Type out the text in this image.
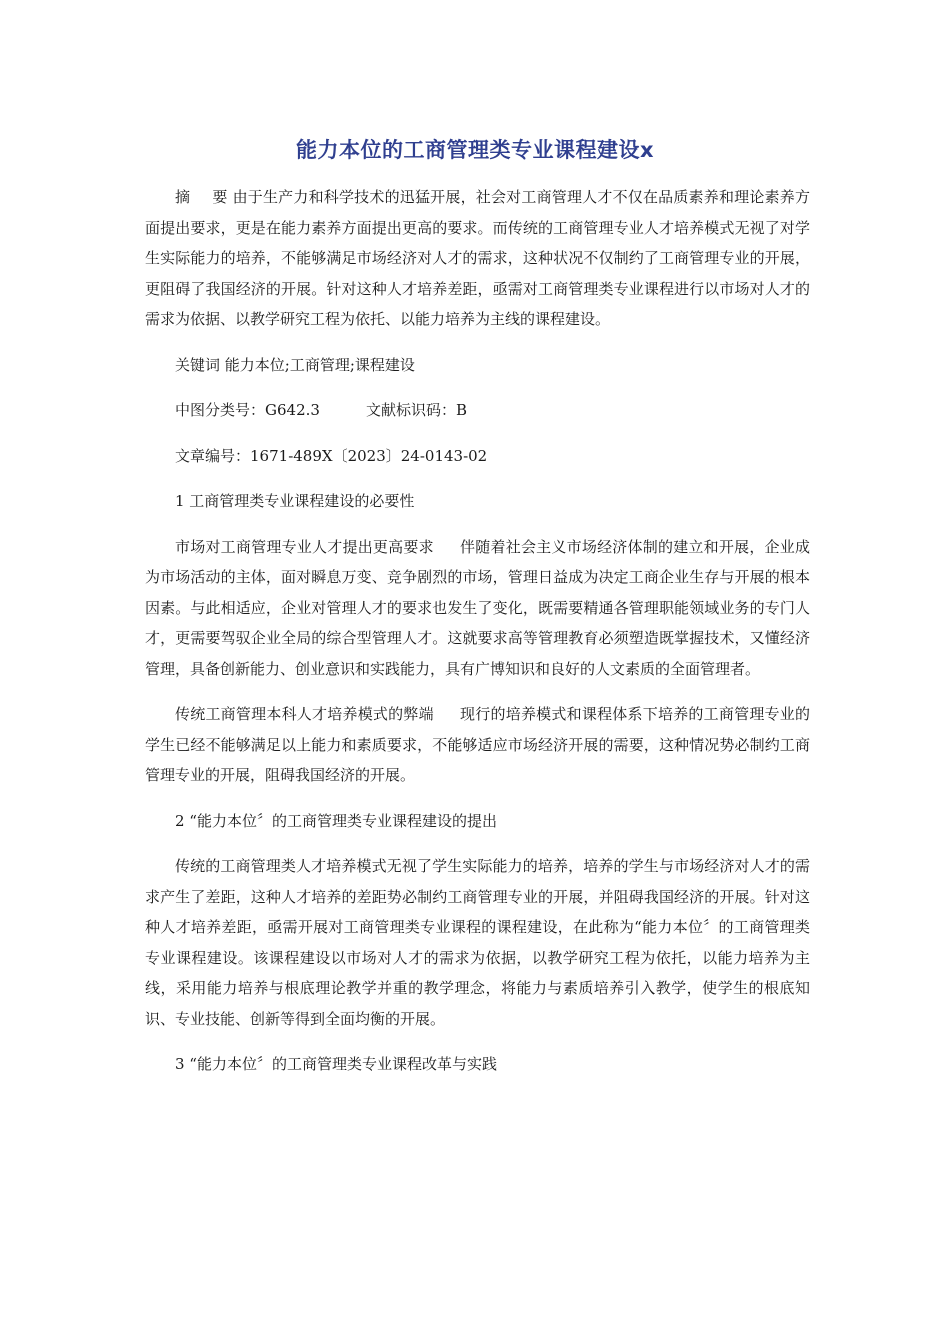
能力本位的工商管理类专业课程建设x

摘 要 由于生产力和科学技术的迅猛开展，社会对工商管理人才不仅在品质素养和理论素养方面提出要求，更是在能力素养方面提出更高的要求。而传统的工商管理专业人才培养模式无视了对学生实际能力的培养，不能够满足市场经济对人才的需求，这种状况不仅制约了工商管理专业的开展，更阻碍了我国经济的开展。针对这种人才培养差距，亟需对工商管理类专业课程进行以市场对人才的需求为依据、以教学研究工程为依托、以能力培养为主线的课程建设。

关键词 能力本位;工商管理;课程建设

中图分类号：G642.3	文献标识码：B

文章编号：1671-489X〔2023〕24-0143-02

1 工商管理类专业课程建设的必要性

市场对工商管理专业人才提出更高要求 伴随着社会主义市场经济体制的建立和开展，企业成为市场活动的主体，面对瞬息万变、竞争剧烈的市场，管理日益成为决定工商企业生存与开展的根本因素。与此相适应，企业对管理人才的要求也发生了变化，既需要精通各管理职能领域业务的专门人才，更需要驾驭企业全局的综合型管理人才。这就要求高等管理教育必须塑造既掌握技术，又懂经济管理，具备创新能力、创业意识和实践能力，具有广博知识和良好的人文素质的全面管理者。

传统工商管理本科人才培养模式的弊端 现行的培养模式和课程体系下培养的工商管理专业的学生已经不能够满足以上能力和素质要求，不能够适应市场经济开展的需要，这种情况势必制约工商管理专业的开展，阻碍我国经济的开展。

2 “能力本位〞的工商管理类专业课程建设的提出

传统的工商管理类人才培养模式无视了学生实际能力的培养，培养的学生与市场经济对人才的需求产生了差距，这种人才培养的差距势必制约工商管理专业的开展，并阻碍我国经济的开展。针对这种人才培养差距，亟需开展对工商管理类专业课程的课程建设，在此称为“能力本位〞的工商管理类专业课程建设。该课程建设以市场对人才的需求为依据，以教学研究工程为依托，以能力培养为主线，采用能力培养与根底理论教学并重的教学理念，将能力与素质培养引入教学，使学生的根底知识、专业技能、创新等得到全面均衡的开展。

3 “能力本位〞的工商管理类专业课程改革与实践
